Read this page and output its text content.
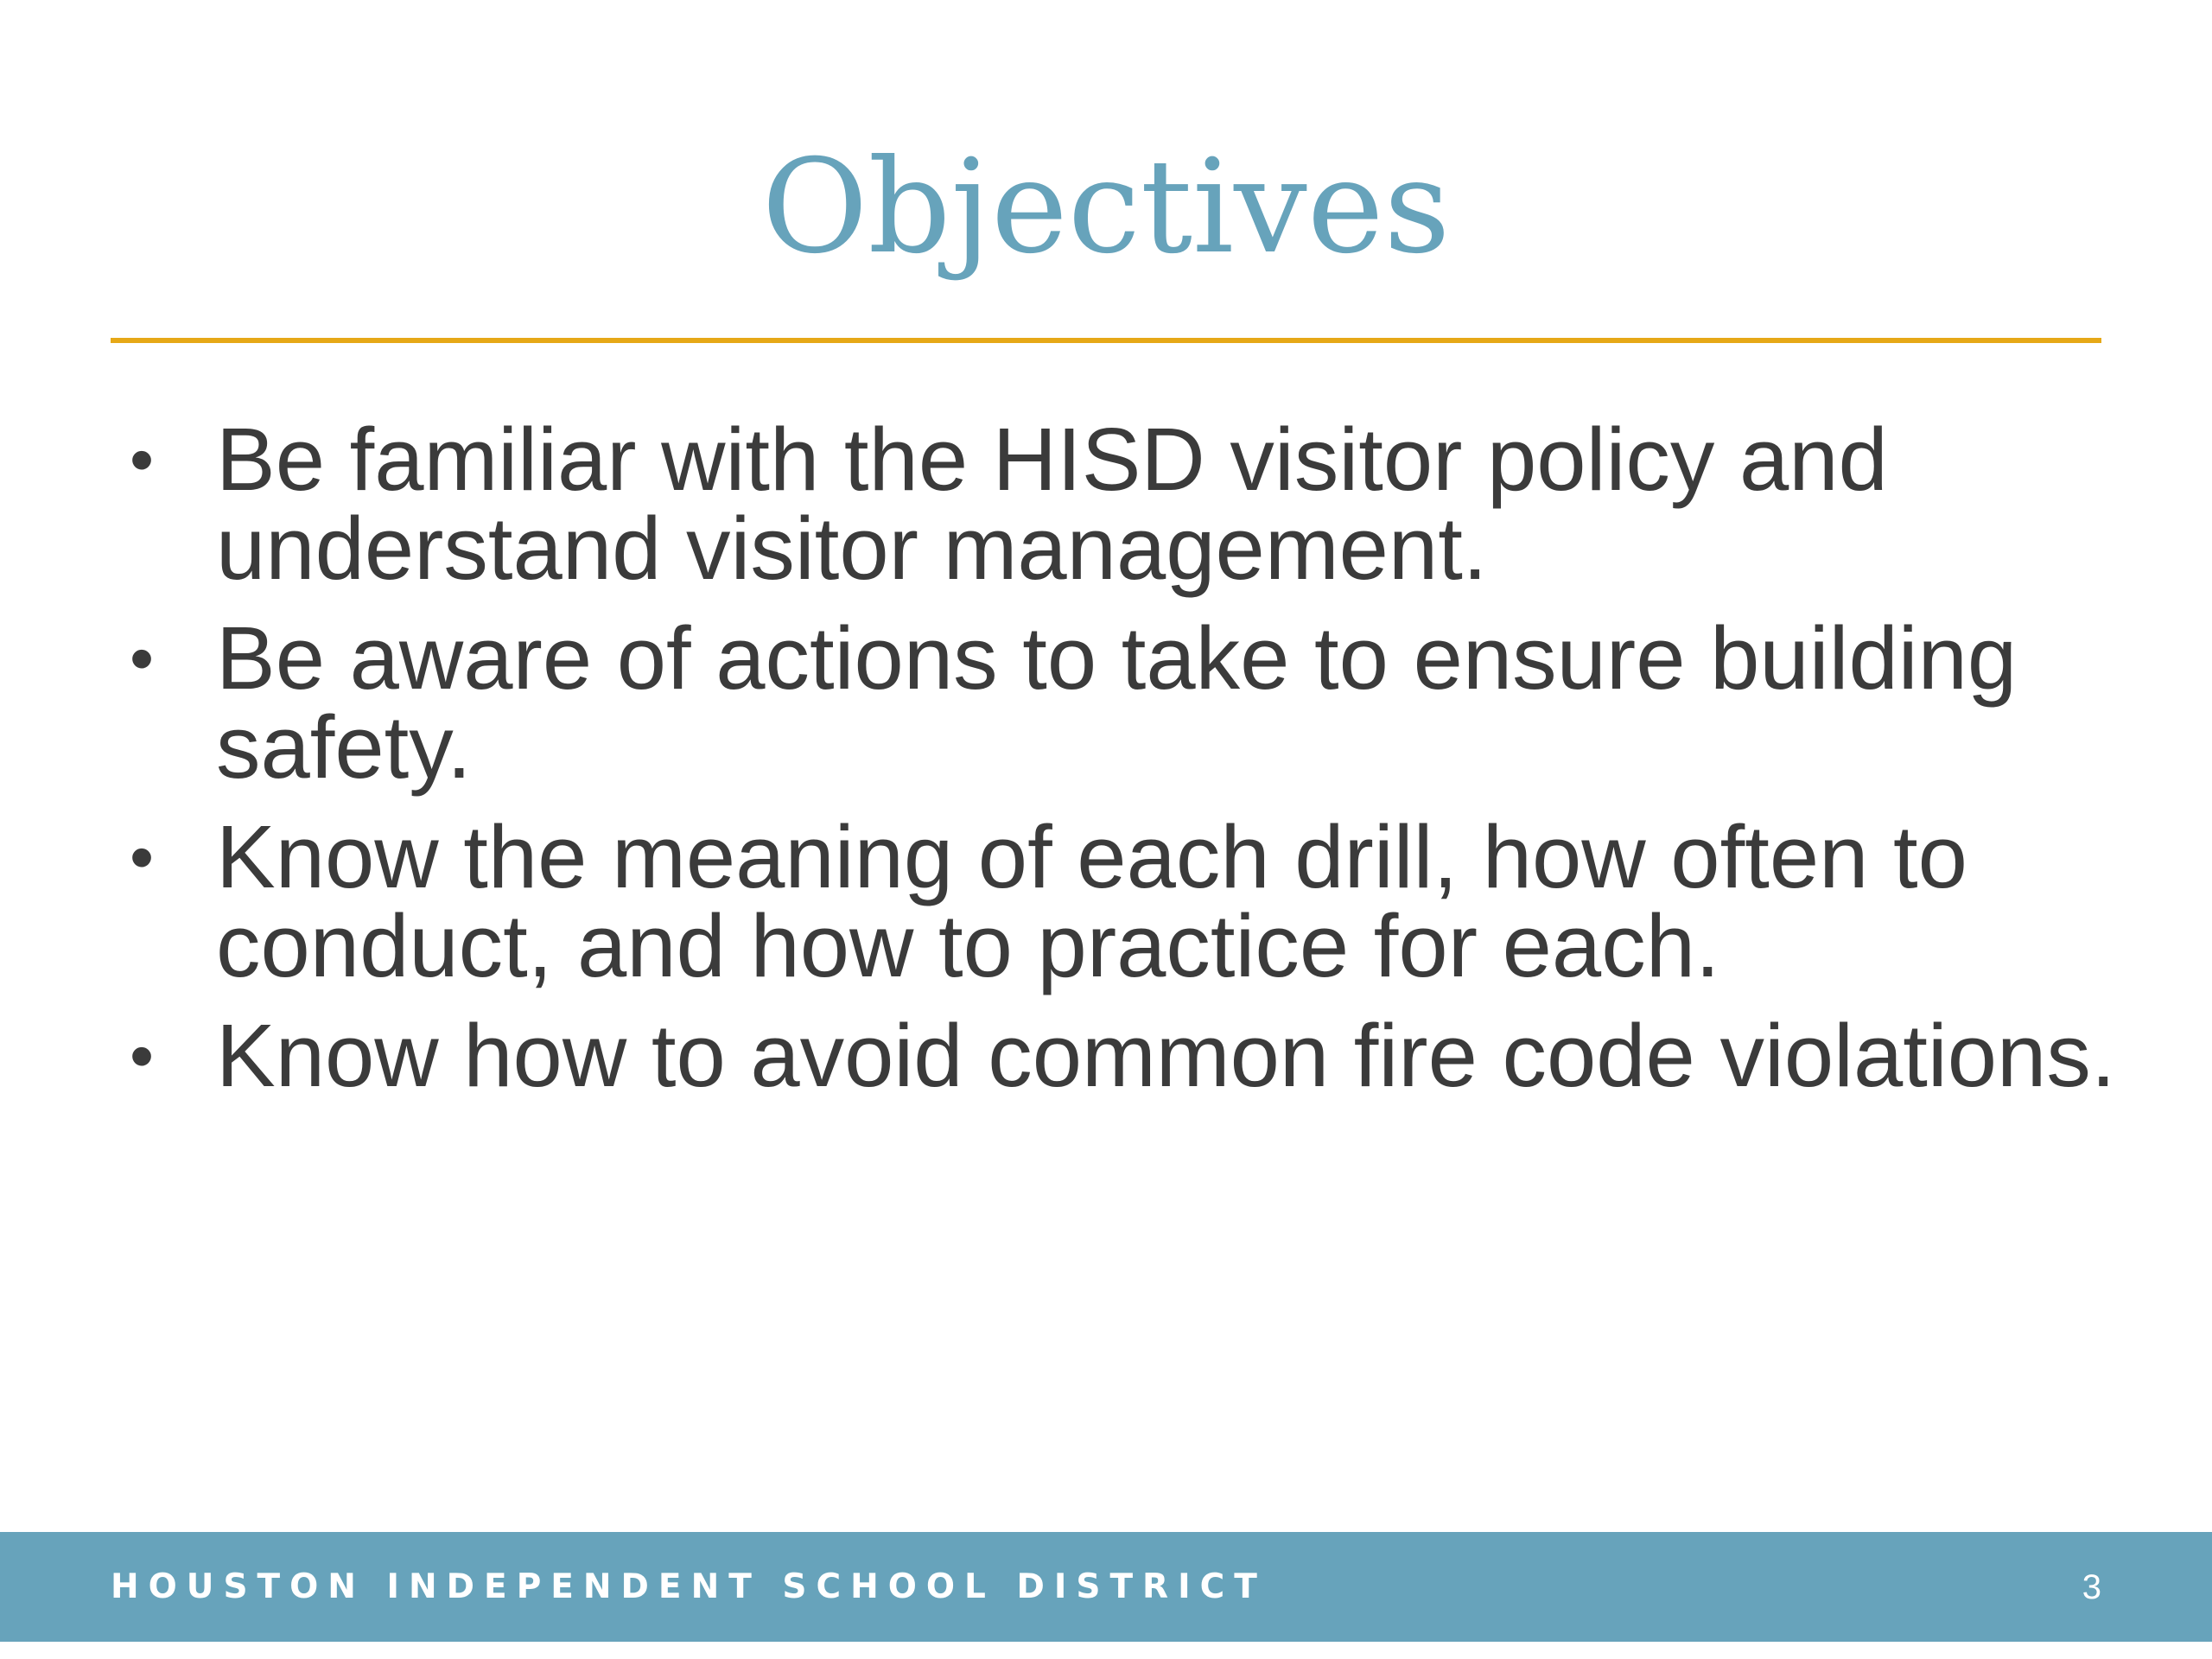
Objectives
• Be familiar with the HISD visitor policy and understand visitor management.
• Be aware of actions to take to ensure building safety.
• Know the meaning of each drill, how often to conduct, and how to practice for each.
• Know how to avoid common fire code violations.
HOUSTON INDEPENDENT SCHOOL DISTRICT	3
